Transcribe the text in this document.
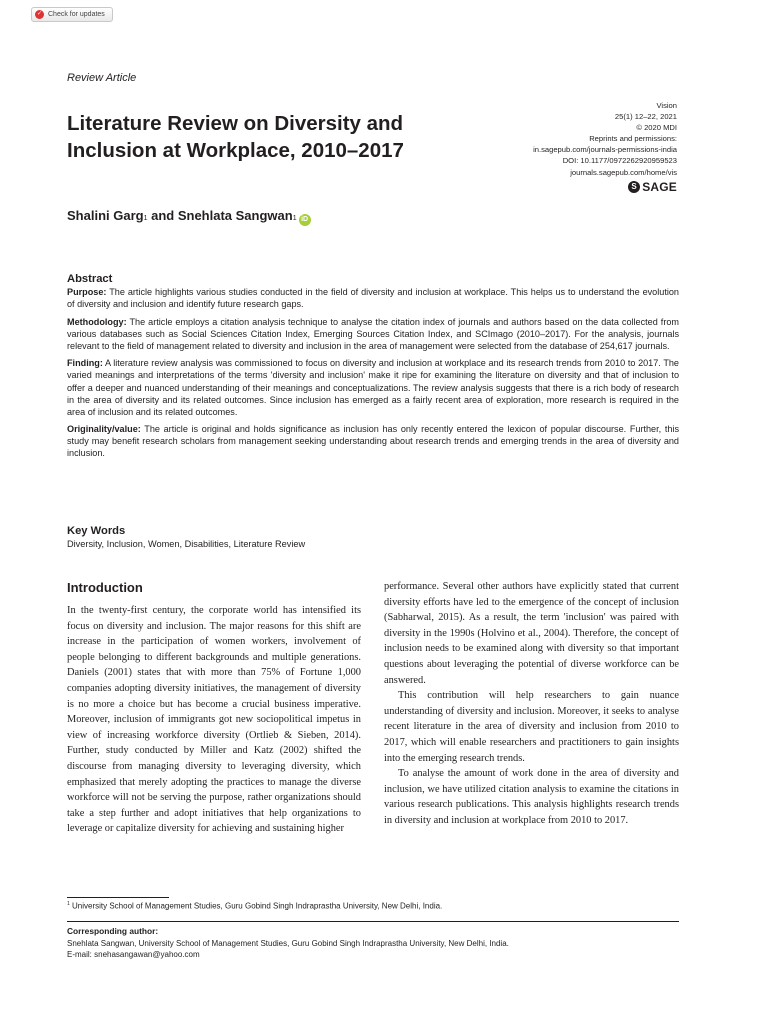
✓ Check for updates
Review Article
Literature Review on Diversity and Inclusion at Workplace, 2010–2017
Vision
25(1) 12–22, 2021
© 2020 MDI
Reprints and permissions:
in.sagepub.com/journals-permissions-india
DOI: 10.1177/0972262920959523
journals.sagepub.com/home/vis
S SAGE
Shalini Garg$_1$ and Snehlata Sangwan$_1$ iD
Abstract

Purpose: The article highlights various studies conducted in the field of diversity and inclusion at workplace. This helps us to understand the evolution of diversity and inclusion and identify future research gaps.

Methodology: The article employs a citation analysis technique to analyse the citation index of journals and authors based on the data collected from various databases such as Social Sciences Citation Index, Emerging Sources Citation Index, and SCImago (2010–2017). For the analysis, journals relevant to the field of management related to diversity and inclusion in the area of management were selected from the database of 254,617 journals.

Finding: A literature review analysis was commissioned to focus on diversity and inclusion at workplace and its research trends from 2010 to 2017. The varied meanings and interpretations of the terms 'diversity and inclusion' make it ripe for examining the literature on diversity and that of inclusion to offer a deeper and nuanced understanding of their meanings and conceptualizations. The review analysis suggests that there is a rich body of research in the area of diversity and its related outcomes. Since inclusion has emerged as a fairly recent area of exploration, more research is required in the area of inclusion and its related outcomes.

Originality/value: The article is original and holds significance as inclusion has only recently entered the lexicon of popular discourse. Further, this study may benefit research scholars from management seeking understanding about research trends and emerging trends in the area of diversity and inclusion.

Key Words
Diversity, Inclusion, Women, Disabilities, Literature Review
Introduction

In the twenty-first century, the corporate world has intensified its focus on diversity and inclusion. The major reasons for this shift are increase in the participation of women workers, involvement of people belonging to different backgrounds and multiple generations. Daniels (2001) states that with more than 75% of Fortune 1,000 companies adopting diversity initiatives, the management of diversity is no more a choice but has become a crucial business imperative. Moreover, inclusion of immigrants got new sociopolitical impetus in view of increasing workforce diversity (Ortlieb & Sieben, 2014). Further, study conducted by Miller and Katz (2002) shifted the discourse from managing diversity to leveraging diversity, which emphasized that merely adopting the practices to manage the diverse workforce will not be serving the purpose, rather organizations should take a step further and adopt initiatives that help organizations to leverage or capitalize diversity for achieving and sustaining higher

performance. Several other authors have explicitly stated that current diversity efforts have led to the emergence of the concept of inclusion (Sabharwal, 2015). As a result, the term 'inclusion' was paired with diversity in the 1990s (Holvino et al., 2004). Therefore, the concept of inclusion needs to be examined along with diversity so that important questions about leveraging the potential of diverse workforce can be answered.

This contribution will help researchers to gain nuance understanding of diversity and inclusion. Moreover, it seeks to analyse recent literature in the area of diversity and inclusion from 2010 to 2017, which will enable researchers and practitioners to gain insights into the emerging research trends.

To analyse the amount of work done in the area of diversity and inclusion, we have utilized citation analysis to examine the citations in various research publications. This analysis highlights research trends in diversity and inclusion at workplace from 2010 to 2017.

$^1$ University School of Management Studies, Guru Gobind Singh Indraprastha University, New Delhi, India.
Corresponding author:
Snehlata Sangwan, University School of Management Studies, Guru Gobind Singh Indraprastha University, New Delhi, India.
E-mail: snehasangawan@yahoo.com
